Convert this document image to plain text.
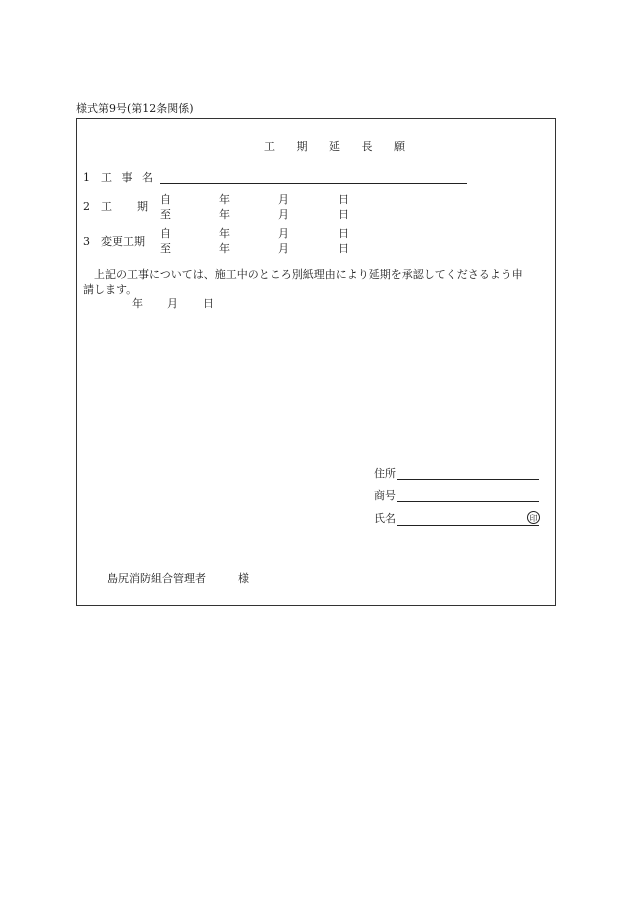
様式第9号(第12条関係)
工 期 延 長 願
1 工 事 名
2 工 期
自	年	月	日
至	年	月	日
3 変更工期
自	年	月	日
至	年	月	日
上記の工事については、施工中のところ別紙理由により延期を承認してくださるよう申
請します。
年 月 日
住所
商号
氏名	印
島尻消防組合管理者	様
